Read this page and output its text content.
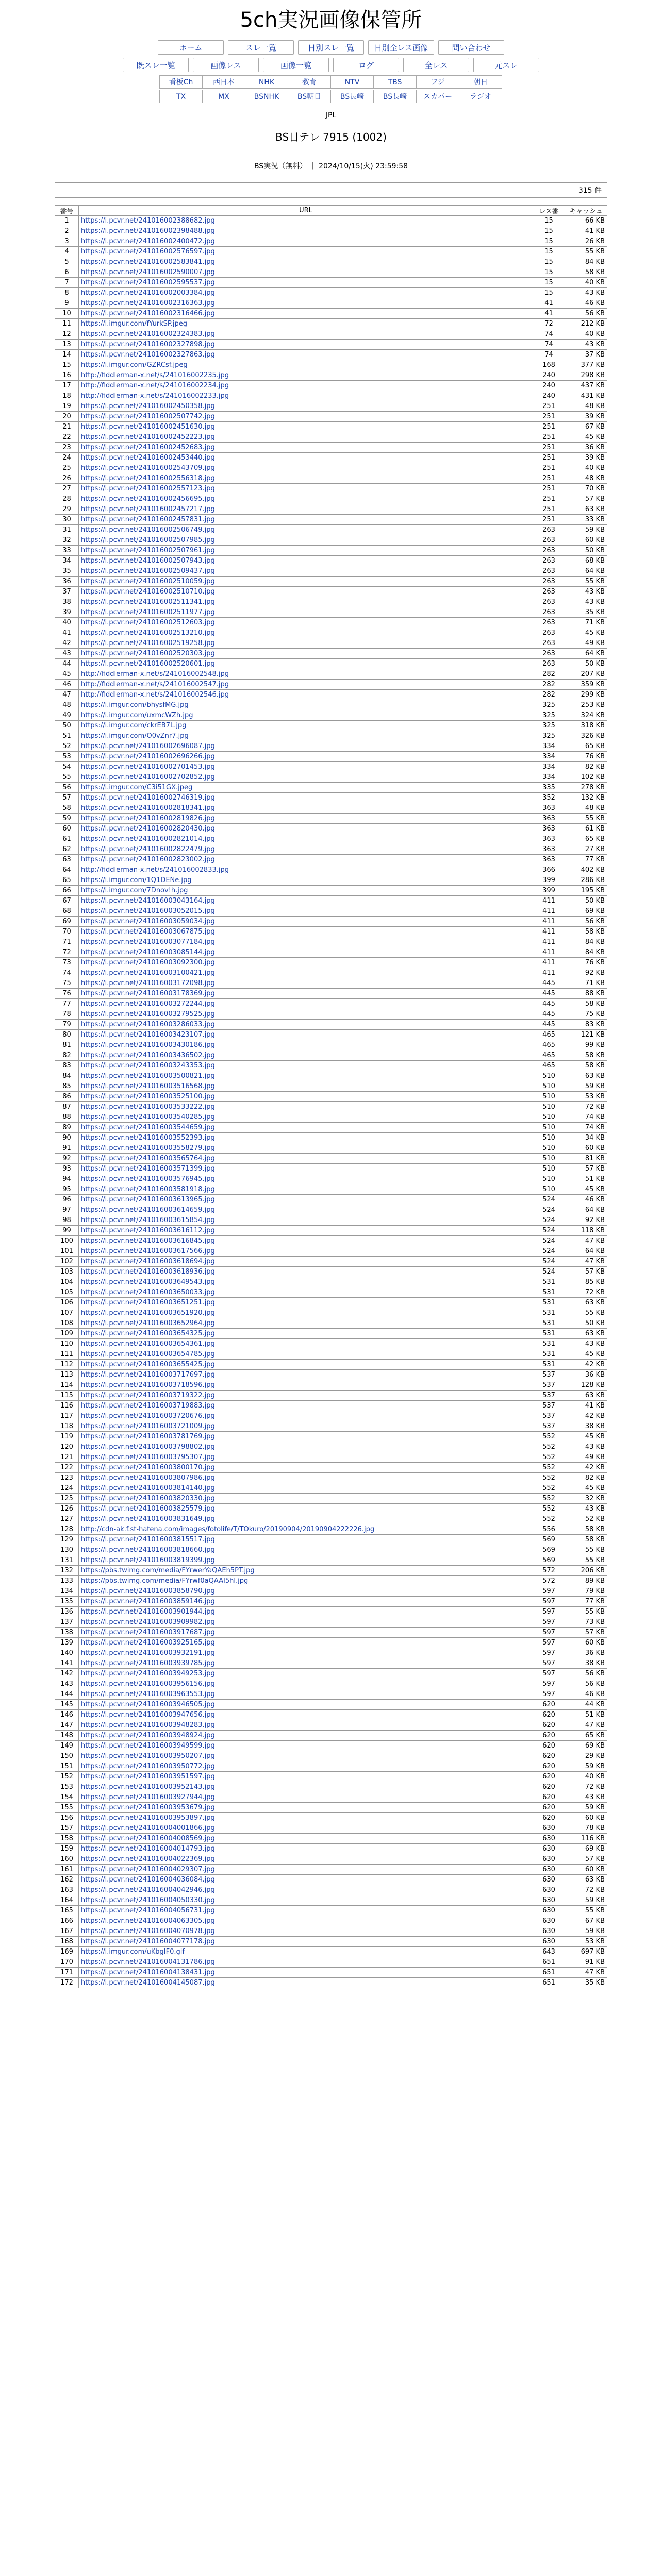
5ch実況画像保管所
ホーム	スレ一覧	日別スレ一覧	日別全レス画像	問い合わせ
既スレ一覧	画像レス	画像一覧	ログ	全レス	元スレ
看板Ch	西日本	NHK	教育	NTV	TBS	フジ	朝日
TX	MX	BSNHK	BS朝日	BS長崎	BS長崎	スカパー	ラジオ
JPL
BS日テレ 7915 (1002)
BS実況（無料） ｜ 2024/10/15(火) 23:59:58
315 件
番号	URL	レス番	キャッシュ
1	https://i.pcvr.net/241016002388682.jpg	15	66 KB
2	https://i.pcvr.net/241016002398488.jpg	15	41 KB
3	https://i.pcvr.net/241016002400472.jpg	15	26 KB
4	https://i.pcvr.net/241016002576597.jpg	15	55 KB
5	https://i.pcvr.net/241016002583841.jpg	15	84 KB
6	https://i.pcvr.net/241016002590007.jpg	15	58 KB
7	https://i.pcvr.net/241016002595537.jpg	15	40 KB
8	https://i.pcvr.net/241016002003384.jpg	15	43 KB
9	https://i.pcvr.net/241016002316363.jpg	41	46 KB
10	https://i.pcvr.net/241016002316466.jpg	41	56 KB
11	https://i.imgur.com/fYurkSP.jpeg	72	212 KB
12	https://i.pcvr.net/241016002324383.jpg	74	40 KB
13	https://i.pcvr.net/241016002327898.jpg	74	43 KB
14	https://i.pcvr.net/241016002327863.jpg	74	37 KB
15	https://i.imgur.com/GZRCsf.jpeg	168	377 KB
16	http://fiddlerman-x.net/s/241016002235.jpg	240	298 KB
17	http://fiddlerman-x.net/s/241016002234.jpg	240	437 KB
18	http://fiddlerman-x.net/s/241016002233.jpg	240	431 KB
19	https://i.pcvr.net/241016002450358.jpg	251	48 KB
20	https://i.pcvr.net/241016002507742.jpg	251	39 KB
21	https://i.pcvr.net/241016002451630.jpg	251	67 KB
22	https://i.pcvr.net/241016002452223.jpg	251	45 KB
23	https://i.pcvr.net/241016002452683.jpg	251	36 KB
24	https://i.pcvr.net/241016002453440.jpg	251	39 KB
25	https://i.pcvr.net/241016002543709.jpg	251	40 KB
26	https://i.pcvr.net/241016002556318.jpg	251	48 KB
27	https://i.pcvr.net/241016002557123.jpg	251	70 KB
28	https://i.pcvr.net/241016002456695.jpg	251	57 KB
29	https://i.pcvr.net/241016002457217.jpg	251	63 KB
30	https://i.pcvr.net/241016002457831.jpg	251	33 KB
31	https://i.pcvr.net/241016002506749.jpg	263	59 KB
32	https://i.pcvr.net/241016002507985.jpg	263	60 KB
33	https://i.pcvr.net/241016002507961.jpg	263	50 KB
34	https://i.pcvr.net/241016002507943.jpg	263	68 KB
35	https://i.pcvr.net/241016002509437.jpg	263	64 KB
36	https://i.pcvr.net/241016002510059.jpg	263	55 KB
37	https://i.pcvr.net/241016002510710.jpg	263	43 KB
38	https://i.pcvr.net/241016002511341.jpg	263	43 KB
39	https://i.pcvr.net/241016002511977.jpg	263	35 KB
40	https://i.pcvr.net/241016002512603.jpg	263	71 KB
41	https://i.pcvr.net/241016002513210.jpg	263	45 KB
42	https://i.pcvr.net/241016002519258.jpg	263	49 KB
43	https://i.pcvr.net/241016002520303.jpg	263	64 KB
44	https://i.pcvr.net/241016002520601.jpg	263	50 KB
45	http://fiddlerman-x.net/s/241016002548.jpg	282	207 KB
46	http://fiddlerman-x.net/s/241016002547.jpg	282	359 KB
47	http://fiddlerman-x.net/s/241016002546.jpg	282	299 KB
48	https://i.imgur.com/bhysfMG.jpg	325	253 KB
49	https://i.imgur.com/uxmcWZh.jpg	325	324 KB
50	https://i.imgur.com/ckrEB7L.jpg	325	318 KB
51	https://i.imgur.com/O0vZnr7.jpg	325	326 KB
52	https://i.pcvr.net/241016002696087.jpg	334	65 KB
53	https://i.pcvr.net/241016002696266.jpg	334	76 KB
54	https://i.pcvr.net/241016002701453.jpg	334	82 KB
55	https://i.pcvr.net/241016002702852.jpg	334	102 KB
56	https://i.imgur.com/C3i51GX.jpeg	335	278 KB
57	https://i.pcvr.net/241016002746319.jpg	352	132 KB
58	https://i.pcvr.net/241016002818341.jpg	363	48 KB
59	https://i.pcvr.net/241016002819826.jpg	363	55 KB
60	https://i.pcvr.net/241016002820430.jpg	363	61 KB
61	https://i.pcvr.net/241016002821014.jpg	363	65 KB
62	https://i.pcvr.net/241016002822479.jpg	363	27 KB
63	https://i.pcvr.net/241016002823002.jpg	363	77 KB
64	http://fiddlerman-x.net/s/241016002833.jpg	366	402 KB
65	https://i.imgur.com/1Q1DENe.jpg	399	286 KB
66	https://i.imgur.com/7Dnov!h.jpg	399	195 KB
67	https://i.pcvr.net/241016003043164.jpg	411	50 KB
68	https://i.pcvr.net/241016003052015.jpg	411	69 KB
69	https://i.pcvr.net/241016003059034.jpg	411	56 KB
70	https://i.pcvr.net/241016003067875.jpg	411	58 KB
71	https://i.pcvr.net/241016003077184.jpg	411	84 KB
72	https://i.pcvr.net/241016003085144.jpg	411	84 KB
73	https://i.pcvr.net/241016003092300.jpg	411	76 KB
74	https://i.pcvr.net/241016003100421.jpg	411	92 KB
75	https://i.pcvr.net/241016003172098.jpg	445	71 KB
76	https://i.pcvr.net/241016003178369.jpg	445	88 KB
77	https://i.pcvr.net/241016003272244.jpg	445	58 KB
78	https://i.pcvr.net/241016003279525.jpg	445	75 KB
79	https://i.pcvr.net/241016003286033.jpg	445	83 KB
80	https://i.pcvr.net/241016003423107.jpg	465	121 KB
81	https://i.pcvr.net/241016003430186.jpg	465	99 KB
82	https://i.pcvr.net/241016003436502.jpg	465	58 KB
83	https://i.pcvr.net/241016003243353.jpg	465	58 KB
84	https://i.pcvr.net/241016003500821.jpg	510	63 KB
85	https://i.pcvr.net/241016003516568.jpg	510	59 KB
86	https://i.pcvr.net/241016003525100.jpg	510	53 KB
87	https://i.pcvr.net/241016003533222.jpg	510	72 KB
88	https://i.pcvr.net/241016003540285.jpg	510	74 KB
89	https://i.pcvr.net/241016003544659.jpg	510	74 KB
90	https://i.pcvr.net/241016003552393.jpg	510	34 KB
91	https://i.pcvr.net/241016003558279.jpg	510	60 KB
92	https://i.pcvr.net/241016003565764.jpg	510	81 KB
93	https://i.pcvr.net/241016003571399.jpg	510	57 KB
94	https://i.pcvr.net/241016003576945.jpg	510	51 KB
95	https://i.pcvr.net/241016003581918.jpg	510	45 KB
96	https://i.pcvr.net/241016003613965.jpg	524	46 KB
97	https://i.pcvr.net/241016003614659.jpg	524	64 KB
98	https://i.pcvr.net/241016003615854.jpg	524	92 KB
99	https://i.pcvr.net/241016003616112.jpg	524	118 KB
100	https://i.pcvr.net/241016003616845.jpg	524	47 KB
101	https://i.pcvr.net/241016003617566.jpg	524	64 KB
102	https://i.pcvr.net/241016003618694.jpg	524	47 KB
103	https://i.pcvr.net/241016003618936.jpg	524	57 KB
104	https://i.pcvr.net/241016003649543.jpg	531	85 KB
105	https://i.pcvr.net/241016003650033.jpg	531	72 KB
106	https://i.pcvr.net/241016003651251.jpg	531	63 KB
107	https://i.pcvr.net/241016003651920.jpg	531	55 KB
108	https://i.pcvr.net/241016003652964.jpg	531	50 KB
109	https://i.pcvr.net/241016003654325.jpg	531	63 KB
110	https://i.pcvr.net/241016003654361.jpg	531	43 KB
111	https://i.pcvr.net/241016003654785.jpg	531	45 KB
112	https://i.pcvr.net/241016003655425.jpg	531	42 KB
113	https://i.pcvr.net/241016003717697.jpg	537	36 KB
114	https://i.pcvr.net/241016003718596.jpg	537	128 KB
115	https://i.pcvr.net/241016003719322.jpg	537	63 KB
116	https://i.pcvr.net/241016003719883.jpg	537	41 KB
117	https://i.pcvr.net/241016003720676.jpg	537	42 KB
118	https://i.pcvr.net/241016003721009.jpg	537	38 KB
119	https://i.pcvr.net/241016003781769.jpg	552	45 KB
120	https://i.pcvr.net/241016003798802.jpg	552	43 KB
121	https://i.pcvr.net/241016003795307.jpg	552	49 KB
122	https://i.pcvr.net/241016003800170.jpg	552	42 KB
123	https://i.pcvr.net/241016003807986.jpg	552	82 KB
124	https://i.pcvr.net/241016003814140.jpg	552	45 KB
125	https://i.pcvr.net/241016003820330.jpg	552	32 KB
126	https://i.pcvr.net/241016003825579.jpg	552	43 KB
127	https://i.pcvr.net/241016003831649.jpg	552	52 KB
128	http://cdn-ak.f.st-hatena.com/images/fotolife/T/TOkuro/20190904/20190904222226.jpg	556	58 KB
129	https://i.pcvr.net/241016003815517.jpg	569	58 KB
130	https://i.pcvr.net/241016003818660.jpg	569	55 KB
131	https://i.pcvr.net/241016003819399.jpg	569	55 KB
132	https://pbs.twimg.com/media/FYrwerYaQAEh5PT.jpg	572	206 KB
133	https://pbs.twimg.com/media/FYrwf0aQAAI5hl.jpg	572	89 KB
134	https://i.pcvr.net/241016003858790.jpg	597	79 KB
135	https://i.pcvr.net/241016003859146.jpg	597	77 KB
136	https://i.pcvr.net/241016003901944.jpg	597	55 KB
137	https://i.pcvr.net/241016003909982.jpg	597	73 KB
138	https://i.pcvr.net/241016003917687.jpg	597	57 KB
139	https://i.pcvr.net/241016003925165.jpg	597	60 KB
140	https://i.pcvr.net/241016003932191.jpg	597	36 KB
141	https://i.pcvr.net/241016003939785.jpg	597	38 KB
142	https://i.pcvr.net/241016003949253.jpg	597	56 KB
143	https://i.pcvr.net/241016003956156.jpg	597	56 KB
144	https://i.pcvr.net/241016003963553.jpg	597	46 KB
145	https://i.pcvr.net/241016003946505.jpg	620	44 KB
146	https://i.pcvr.net/241016003947656.jpg	620	51 KB
147	https://i.pcvr.net/241016003948283.jpg	620	47 KB
148	https://i.pcvr.net/241016003948924.jpg	620	65 KB
149	https://i.pcvr.net/241016003949599.jpg	620	69 KB
150	https://i.pcvr.net/241016003950207.jpg	620	29 KB
151	https://i.pcvr.net/241016003950772.jpg	620	59 KB
152	https://i.pcvr.net/241016003951597.jpg	620	40 KB
153	https://i.pcvr.net/241016003952143.jpg	620	72 KB
154	https://i.pcvr.net/241016003927944.jpg	620	43 KB
155	https://i.pcvr.net/241016003953679.jpg	620	59 KB
156	https://i.pcvr.net/241016003953897.jpg	620	60 KB
157	https://i.pcvr.net/241016004001866.jpg	630	78 KB
158	https://i.pcvr.net/241016004008569.jpg	630	116 KB
159	https://i.pcvr.net/241016004014793.jpg	630	69 KB
160	https://i.pcvr.net/241016004022369.jpg	630	57 KB
161	https://i.pcvr.net/241016004029307.jpg	630	60 KB
162	https://i.pcvr.net/241016004036084.jpg	630	63 KB
163	https://i.pcvr.net/241016004042946.jpg	630	72 KB
164	https://i.pcvr.net/241016004050330.jpg	630	59 KB
165	https://i.pcvr.net/241016004056731.jpg	630	55 KB
166	https://i.pcvr.net/241016004063305.jpg	630	67 KB
167	https://i.pcvr.net/241016004070978.jpg	630	59 KB
168	https://i.pcvr.net/241016004077178.jpg	630	53 KB
169	https://i.imgur.com/uKbgIF0.gif	643	697 KB
170	https://i.pcvr.net/241016004131786.jpg	651	91 KB
171	https://i.pcvr.net/241016004138431.jpg	651	47 KB
172	https://i.pcvr.net/241016004145087.jpg	651	35 KB
